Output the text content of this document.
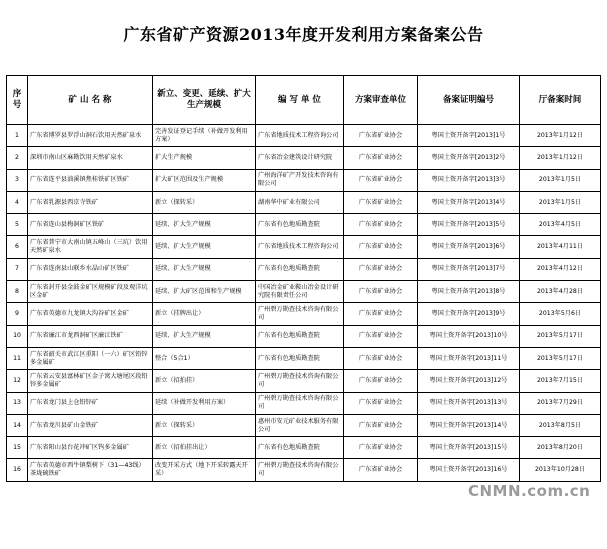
广东省矿产资源2013年度开发利用方案备案公告
序号	矿 山 名 称	新立、变更、延续、扩大生产规模	编 写 单 位	方案审查单位	备案证明编号	厅备案时间
1	广东省博罗县罗浮山洞石饮用天然矿泉水	完善发证登记手续（补做开发利用方案）	广东省地质技术工程咨询公司	广东省矿业协会	粤国土资开备字[2013]1号	2013年1月12日
2	深圳市南山区麻勘饮用天然矿泉水	扩大生产规模	广东省冶金建筑设计研究院	广东省矿业协会	粤国土资开备字[2013]2号	2013年1月12日
3	广东省连平县油溪镇焦桂铁矿区铁矿	扩大矿区范围及生产规模	广州海洋矿产开发技术咨询有限公司	广东省矿业协会	粤国土资开备字[2013]3号	2013年1月5日
4	广东省乳源县西京寺铁矿	新立（探转采）	湖南华中矿业有限公司	广东省矿业协会	粤国土资开备字[2013]4号	2013年1月5日
5	广东省连山县梅洞矿区铁矿	延续、扩大生产规模	广东省有色地质勘查院	广东省矿业协会	粤国土资开备字[2013]5号	2013年4月5日
6	广东省普宁市大南山镇五峰山（三坑）饮用天然矿泉水	延续、扩大生产规模	广东省地质技术工程咨询公司	广东省矿业协会	粤国土资开备字[2013]6号	2013年4月11日
7	广东省连南县山联乡水晶山矿区铁矿	延续、扩大生产规模	广东省有色地质勘查院	广东省矿业协会	粤国土资开备字[2013]7号	2013年4月12日
8	广东省封开县金鼓金矿区规模矿段及观洋坑区金矿	延续、扩大矿区范围和生产规模	中国冶金矿业鞍山冶金设计研究院有限责任公司	广东省矿业协会	粤国土资开备字[2013]8号	2013年4月28日
9	广东省英德市九龙镇大沟谷矿区金矿	新立（挂牌出让）	广州碧万勘查技术咨询有限公司	广东省矿业协会	粤国土资开备字[2013]9号	2013年5月6日
10	广东省廉江市龙西洞矿区廉江铁矿	延续、扩大生产规模	广东省有色地质勘查院	广东省矿业协会	粤国土资开备字[2013]10号	2013年5月17日
11	广东省韶关市武江区重阳（一六）矿区铅锌多金属矿	整合（5合1）	广东省有色地质勘查院	广东省矿业协会	粤国土资开备字[2013]11号	2013年5月17日
12	广东省云安县富林矿区金子窝大塘尾区段铅锌多金属矿	新立（招拍挂）	广州碧万勘查技术咨询有限公司	广东省矿业协会	粤国土资开备字[2013]12号	2013年7月15日
13	广东省龙门县上仓铅锌矿	延续（补做开发利用方案）	广州碧万勘查技术咨询有限公司	广东省矿业协会	粤国土资开备字[2013]13号	2013年7月29日
14	广东省龙川县矿山金铁矿	新立（探转采）	惠州市安元矿业技术服务有限公司	广东省矿业协会	粤国土资开备字[2013]14号	2013年8月5日
15	广东省阳山县台花冲矿区钨多金属矿	新立（招拍挂出让）	广东省有色地质勘查院	广东省矿业协会	粤国土资开备字[2013]15号	2013年8月20日
16	广东省英德市西牛镇梨树下（31—43线）茶垅硫铁矿	改变开采方式（地下开采转露天开采）	广州碧万勘查技术咨询有限公司	广东省矿业协会	粤国土资开备字[2013]16号	2013年10月28日
CNMN.com.cn
